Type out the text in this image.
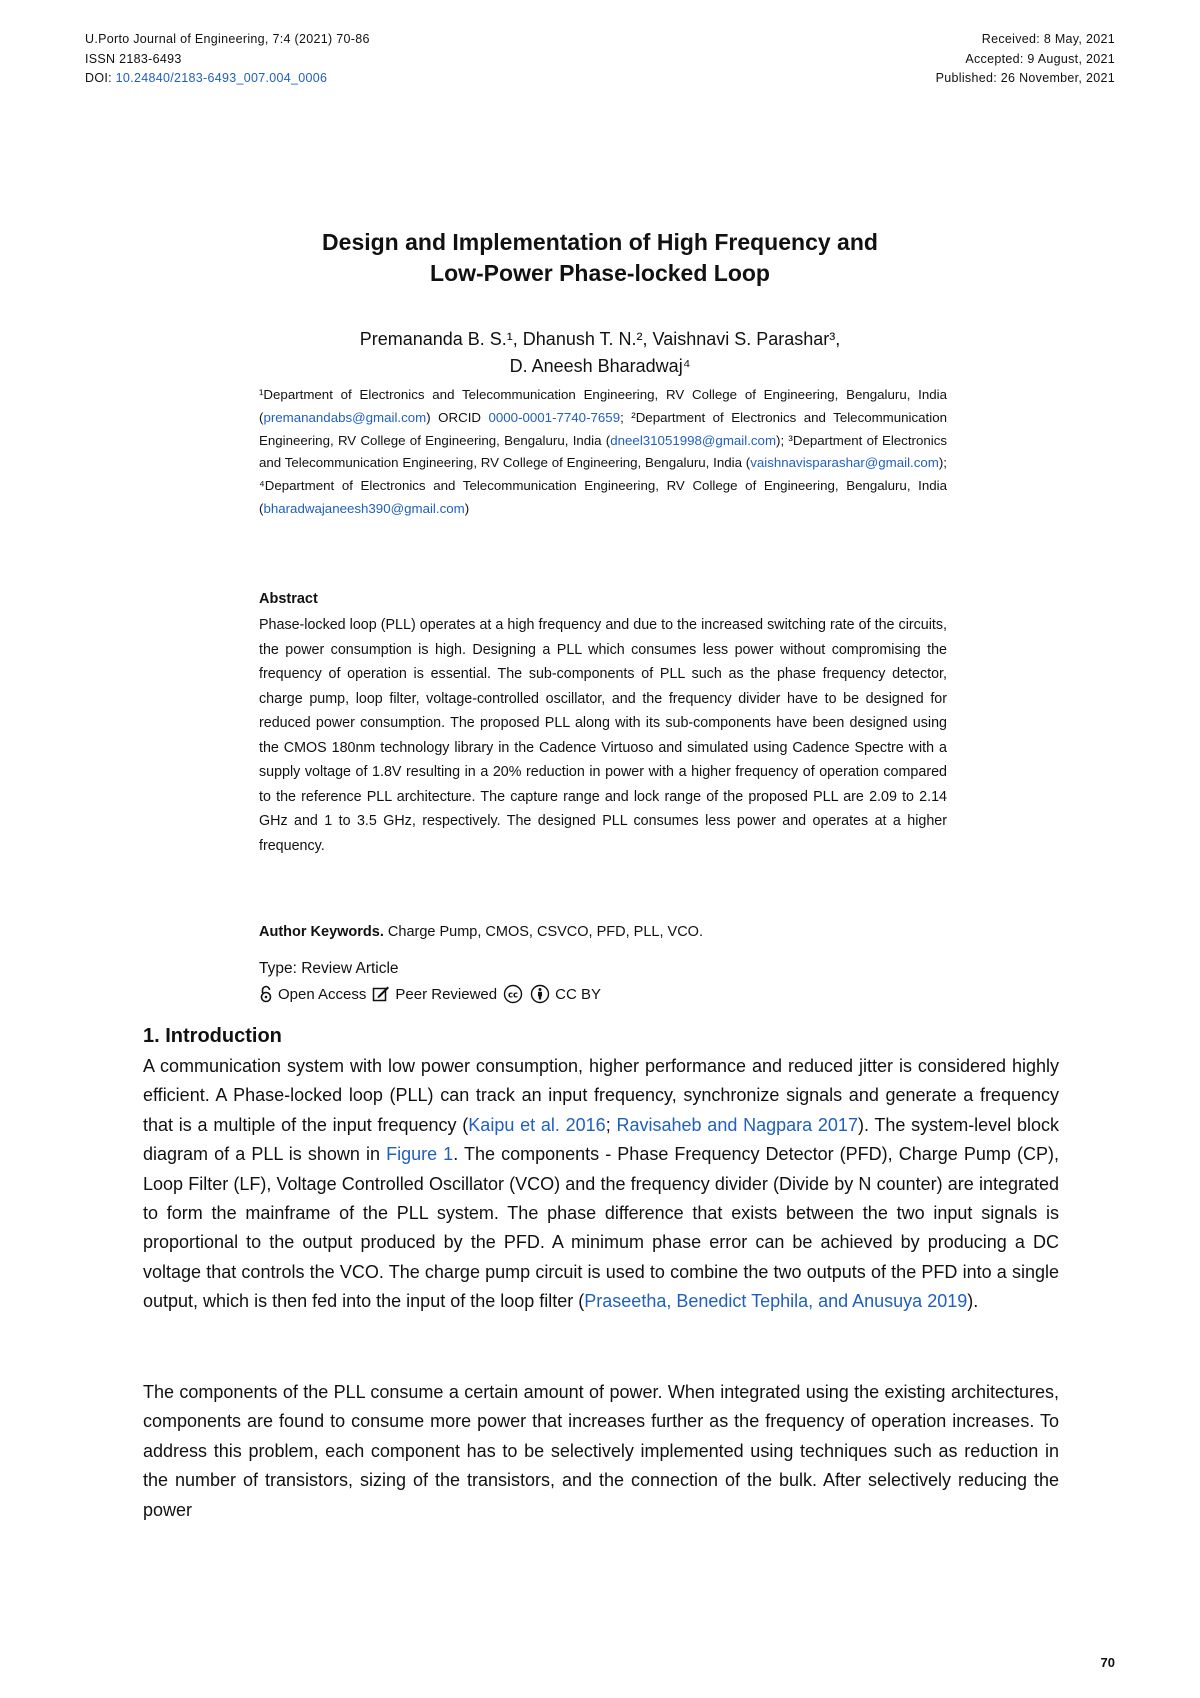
U.Porto Journal of Engineering, 7:4 (2021) 70-86
ISSN 2183-6493
DOI: 10.24840/2183-6493_007.004_0006
Received: 8 May, 2021
Accepted: 9 August, 2021
Published: 26 November, 2021
Design and Implementation of High Frequency and
Low-Power Phase-locked Loop
Premananda B. S.¹, Dhanush T. N.², Vaishnavi S. Parashar³,
D. Aneesh Bharadwaj⁴

¹Department of Electronics and Telecommunication Engineering, RV College of Engineering, Bengaluru, India (premanandabs@gmail.com) ORCID 0000-0001-7740-7659; ²Department of Electronics and Telecommunication Engineering, RV College of Engineering, Bengaluru, India (dneel31051998@gmail.com); ³Department of Electronics and Telecommunication Engineering, RV College of Engineering, Bengaluru, India (vaishnavisparashar@gmail.com); ⁴Department of Electronics and Telecommunication Engineering, RV College of Engineering, Bengaluru, India (bharadwajaneesh390@gmail.com)

Abstract

Phase-locked loop (PLL) operates at a high frequency and due to the increased switching rate of the circuits, the power consumption is high. Designing a PLL which consumes less power without compromising the frequency of operation is essential. The sub-components of PLL such as the phase frequency detector, charge pump, loop filter, voltage-controlled oscillator, and the frequency divider have to be designed for reduced power consumption. The proposed PLL along with its sub-components have been designed using the CMOS 180nm technology library in the Cadence Virtuoso and simulated using Cadence Spectre with a supply voltage of 1.8V resulting in a 20% reduction in power with a higher frequency of operation compared to the reference PLL architecture. The capture range and lock range of the proposed PLL are 2.09 to 2.14 GHz and 1 to 3.5 GHz, respectively. The designed PLL consumes less power and operates at a higher frequency.

Author Keywords. Charge Pump, CMOS, CSVCO, PFD, PLL, VCO.
Type: Review Article
Open Access Peer Reviewed cc CC BY
1. Introduction

A communication system with low power consumption, higher performance and reduced jitter is considered highly efficient. A Phase-locked loop (PLL) can track an input frequency, synchronize signals and generate a frequency that is a multiple of the input frequency (Kaipu et al. 2016; Ravisaheb and Nagpara 2017). The system-level block diagram of a PLL is shown in Figure 1. The components - Phase Frequency Detector (PFD), Charge Pump (CP), Loop Filter (LF), Voltage Controlled Oscillator (VCO) and the frequency divider (Divide by N counter) are integrated to form the mainframe of the PLL system. The phase difference that exists between the two input signals is proportional to the output produced by the PFD. A minimum phase error can be achieved by producing a DC voltage that controls the VCO. The charge pump circuit is used to combine the two outputs of the PFD into a single output, which is then fed into the input of the loop filter (Praseetha, Benedict Tephila, and Anusuya 2019).

The components of the PLL consume a certain amount of power. When integrated using the existing architectures, components are found to consume more power that increases further as the frequency of operation increases. To address this problem, each component has to be selectively implemented using techniques such as reduction in the number of transistors, sizing of the transistors, and the connection of the bulk. After selectively reducing the power

70
